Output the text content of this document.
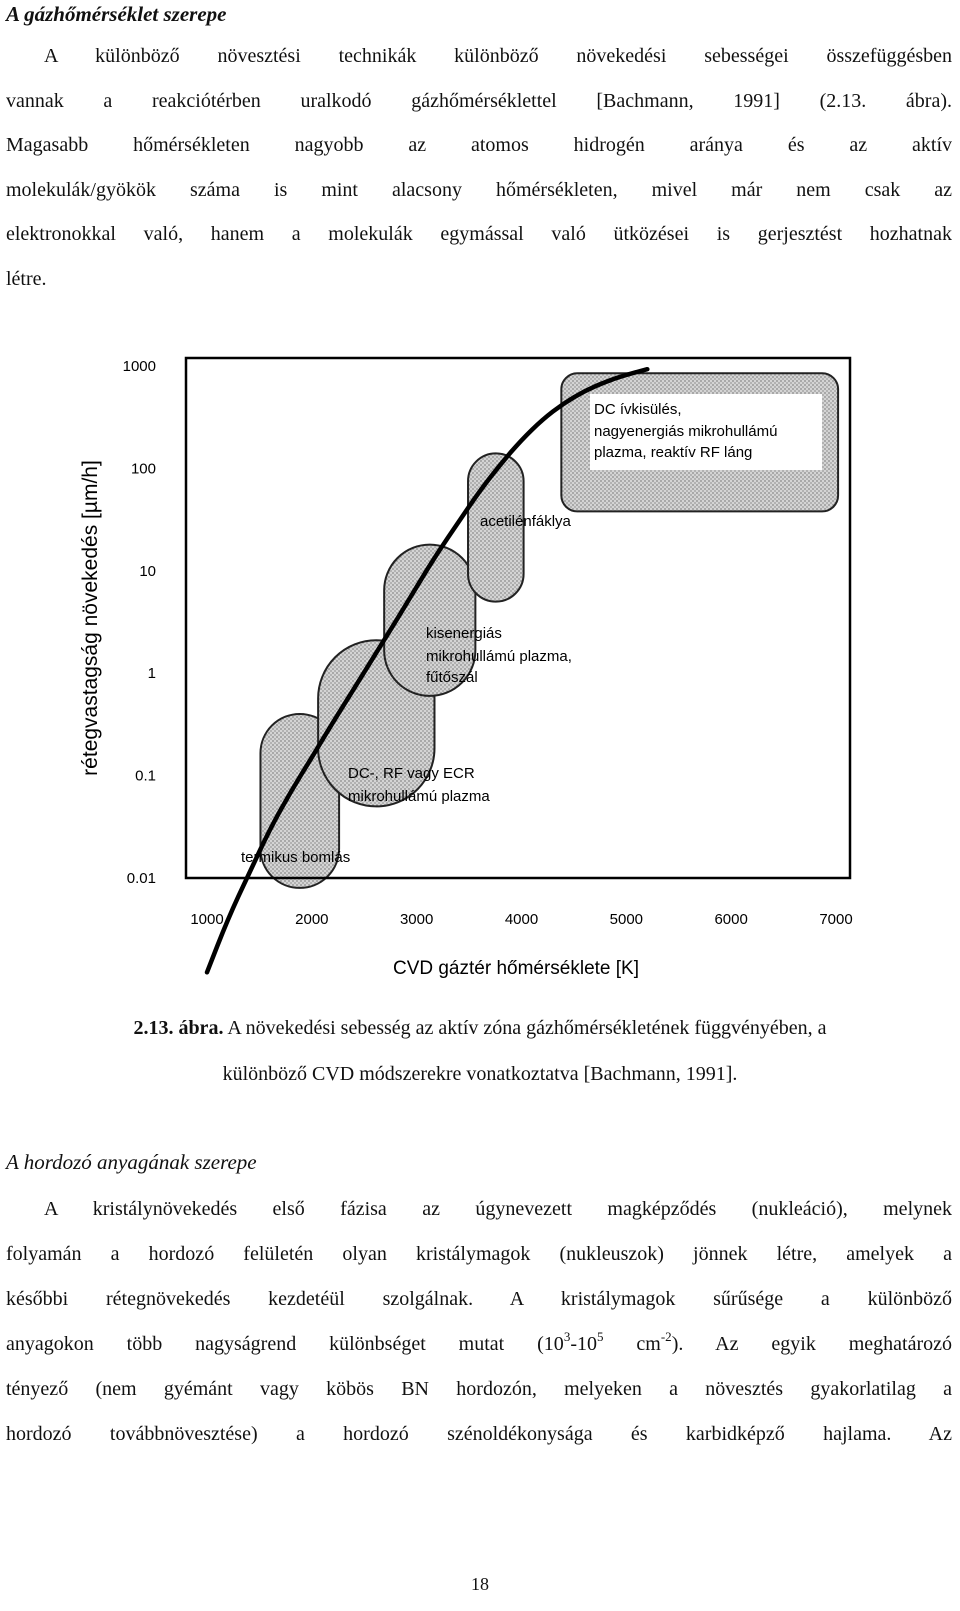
A gázhőmérséklet szerepe
A különböző növesztési technikák különböző növekedési sebességei összefüggésben
vannak a reakciótérben uralkodó gázhőmérséklettel [Bachmann, 1991] (2.13. ábra).
Magasabb hőmérsékleten nagyobb az atomos hidrogén aránya és az aktív
molekulák/gyökök száma is mint alacsony hőmérsékleten, mivel már nem csak az
elektronokkal való, hanem a molekulák egymással való ütközései is gerjesztést hozhatnak
létre.
1000	2000	3000	4000	5000	6000	7000
1000
100
10
1
0.1
0.01
termikus bomlás
DC-, RF vagy ECR
mikrohullámú plazma
kisenergiás
mikrohullámú plazma,
fűtőszál
acetilénfáklya
DC ívkisülés,
nagyenergiás mikrohullámú
plazma, reaktív RF láng
CVD gáztér hőmérséklete [K]
rétegvastagság növekedés [µm/h]

2.13. ábra. A növekedési sebesség az aktív zóna gázhőmérsékletének függvényében, a

különböző CVD módszerekre vonatkoztatva [Bachmann, 1991].

A hordozó anyagának szerepe
A kristálynövekedés első fázisa az úgynevezett magképződés (nukleáció), melynek
folyamán a hordozó felületén olyan kristálymagok (nukleuszok) jönnek létre, amelyek a
későbbi rétegnövekedés kezdetéül szolgálnak. A kristálymagok sűrűsége a különböző
anyagokon több nagyságrend különbséget mutat ($10^3-10^5$ $cm^{-2}$). Az egyik meghatározó
tényező (nem gyémánt vagy köbös BN hordozón, melyeken a növesztés gyakorlatilag a
hordozó továbbnövesztése) a hordozó szénoldékonysága és karbidképző hajlama. Az
18
